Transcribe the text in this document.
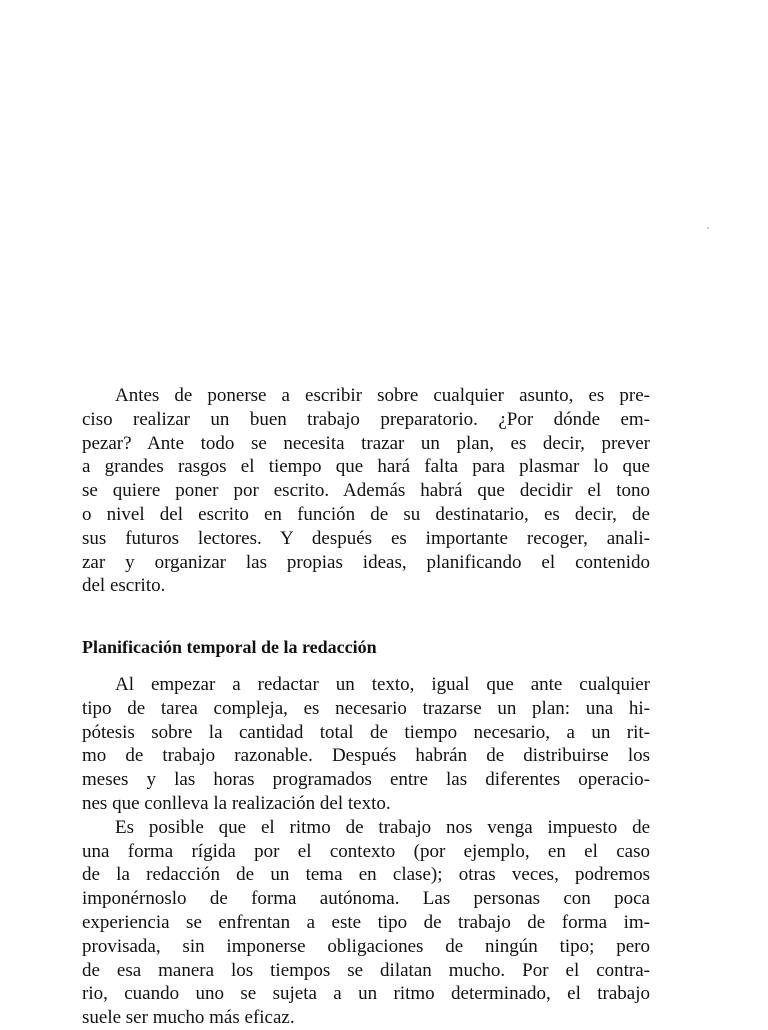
Antes de ponerse a escribir sobre cualquier asunto, es pre-
ciso realizar un buen trabajo preparatorio. ¿Por dónde em-
pezar? Ante todo se necesita trazar un plan, es decir, prever
a grandes rasgos el tiempo que hará falta para plasmar lo que
se quiere poner por escrito. Además habrá que decidir el tono
o nivel del escrito en función de su destinatario, es decir, de
sus futuros lectores. Y después es importante recoger, anali-
zar y organizar las propias ideas, planificando el contenido
del escrito.
Planificación temporal de la redacción
Al empezar a redactar un texto, igual que ante cualquier
tipo de tarea compleja, es necesario trazarse un plan: una hi-
pótesis sobre la cantidad total de tiempo necesario, a un rit-
mo de trabajo razonable. Después habrán de distribuirse los
meses y las horas programados entre las diferentes operacio-
nes que conlleva la realización del texto.
Es posible que el ritmo de trabajo nos venga impuesto de
una forma rígida por el contexto (por ejemplo, en el caso
de la redacción de un tema en clase); otras veces, podremos
imponérnoslo de forma autónoma. Las personas con poca
experiencia se enfrentan a este tipo de trabajo de forma im-
provisada, sin imponerse obligaciones de ningún tipo; pero
de esa manera los tiempos se dilatan mucho. Por el contra-
rio, cuando uno se sujeta a un ritmo determinado, el trabajo
suele ser mucho más eficaz.
